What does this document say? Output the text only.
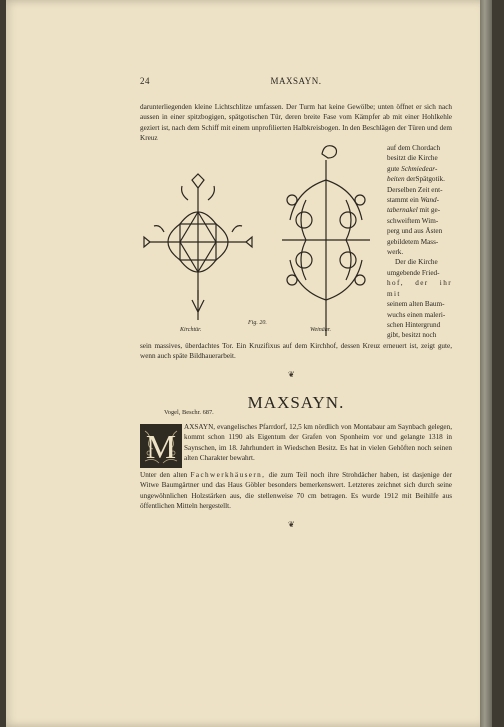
24	MAXSAYN.

darunterliegenden kleine Lichtschlitze umfassen. Der Turm hat keine Gewölbe; unten öffnet er sich nach aussen in einer spitzbogigen, spätgotischen Tür, deren breite Fase vom Kämpfer ab mit einer Hohlkehle geziert ist, nach dem Schiff mit einem unprofilierten Halbkreisbogen. In den Beschlägen der Türen und dem Kreuz

auf dem Chordach
besitzt die Kirche
gute Schmiedear-
beiten derSpätgotik.
Derselben Zeit ent-
stammt ein Wand-
tabernakel mit ge-
schweiftem Wim-
perg und aus Ästen
gebildetem Mass-
werk.
Der die Kirche
umgebende Fried-
hof, der ihr mit
seinem alten Baum-
wuchs einen maleri-
schen Hintergrund
gibt, besitzt noch
Kirchtür.
Fig. 20.
Weinähr.

sein massives, überdachtes Tor. Ein Kruzifixus auf dem Kirchhof, dessen Kreuz erneuert ist, zeigt gute, wenn auch späte Bildhauerarbeit.

❦
MAXSAYN.
Vogel, Beschr. 687.
M

AXSAYN, evangelisches Pfarrdorf, 12,5 km nördlich von Montabaur am Saynbach gelegen, kommt schon 1190 als Eigentum der Grafen von Sponheim vor und gelangte 1318 in Saynschen, im 18. Jahrhundert in Wiedschen Besitz. Es hat in vielen Gehöften noch seinen alten Charakter bewahrt.

Unter den alten Fachwerkhäusern, die zum Teil noch ihre Strohdächer haben, ist dasjenige der Witwe Baumgärtner und das Haus Göbler besonders bemerkenswert. Letzteres zeichnet sich durch seine ungewöhnlichen Holzstärken aus, die stellenweise 70 cm betragen. Es wurde 1912 mit Beihilfe aus öffentlichen Mitteln hergestellt.

❦
